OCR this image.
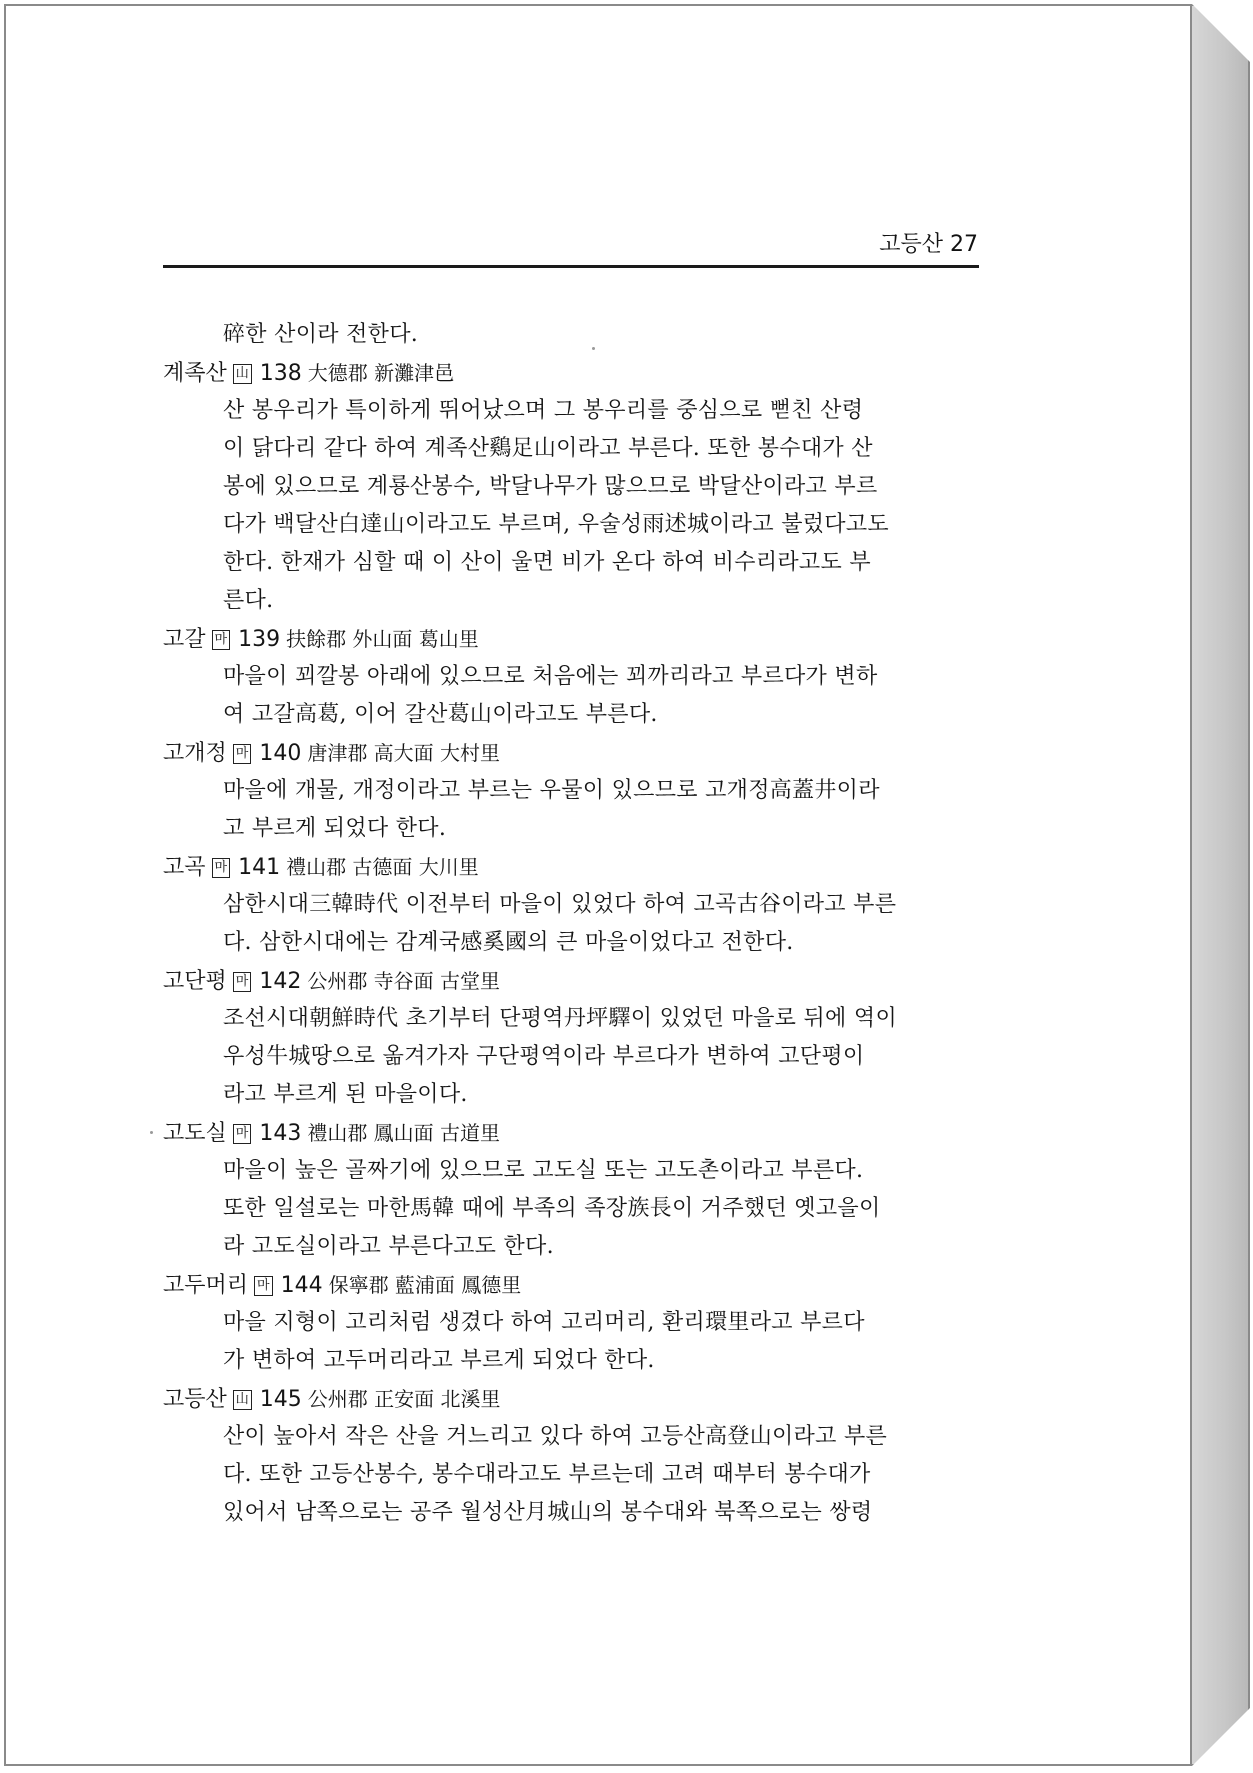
고등산 27
碎한 산이라 전한다.
계족산 山 138 大德郡 新灘津邑
산 봉우리가 특이하게 뛰어났으며 그 봉우리를 중심으로 뻗친 산령
이 닭다리 같다 하여 계족산鷄足山이라고 부른다. 또한 봉수대가 산
봉에 있으므로 계룡산봉수, 박달나무가 많으므로 박달산이라고 부르
다가 백달산白達山이라고도 부르며, 우술성雨述城이라고 불렀다고도
한다. 한재가 심할 때 이 산이 울면 비가 온다 하여 비수리라고도 부
른다.
고갈 마 139 扶餘郡 外山面 葛山里
마을이 꾀깔봉 아래에 있으므로 처음에는 꾀까리라고 부르다가 변하
여 고갈高葛, 이어 갈산葛山이라고도 부른다.
고개정 마 140 唐津郡 高大面 大村里
마을에 개물, 개정이라고 부르는 우물이 있으므로 고개정高蓋井이라
고 부르게 되었다 한다.
고곡 마 141 禮山郡 古德面 大川里
삼한시대三韓時代 이전부터 마을이 있었다 하여 고곡古谷이라고 부른
다. 삼한시대에는 감계국感奚國의 큰 마을이었다고 전한다.
고단평 마 142 公州郡 寺谷面 古堂里
조선시대朝鮮時代 초기부터 단평역丹坪驛이 있었던 마을로 뒤에 역이
우성牛城땅으로 옮겨가자 구단평역이라 부르다가 변하여 고단평이
라고 부르게 된 마을이다.
고도실 마 143 禮山郡 鳳山面 古道里
마을이 높은 골짜기에 있으므로 고도실 또는 고도촌이라고 부른다.
또한 일설로는 마한馬韓 때에 부족의 족장族長이 거주했던 옛고을이
라 고도실이라고 부른다고도 한다.
고두머리 마 144 保寧郡 藍浦面 鳳德里
마을 지형이 고리처럼 생겼다 하여 고리머리, 환리環里라고 부르다
가 변하여 고두머리라고 부르게 되었다 한다.
고등산 山 145 公州郡 正安面 北溪里
산이 높아서 작은 산을 거느리고 있다 하여 고등산高登山이라고 부른
다. 또한 고등산봉수, 봉수대라고도 부르는데 고려 때부터 봉수대가
있어서 남쪽으로는 공주 월성산月城山의 봉수대와 북쪽으로는 쌍령
